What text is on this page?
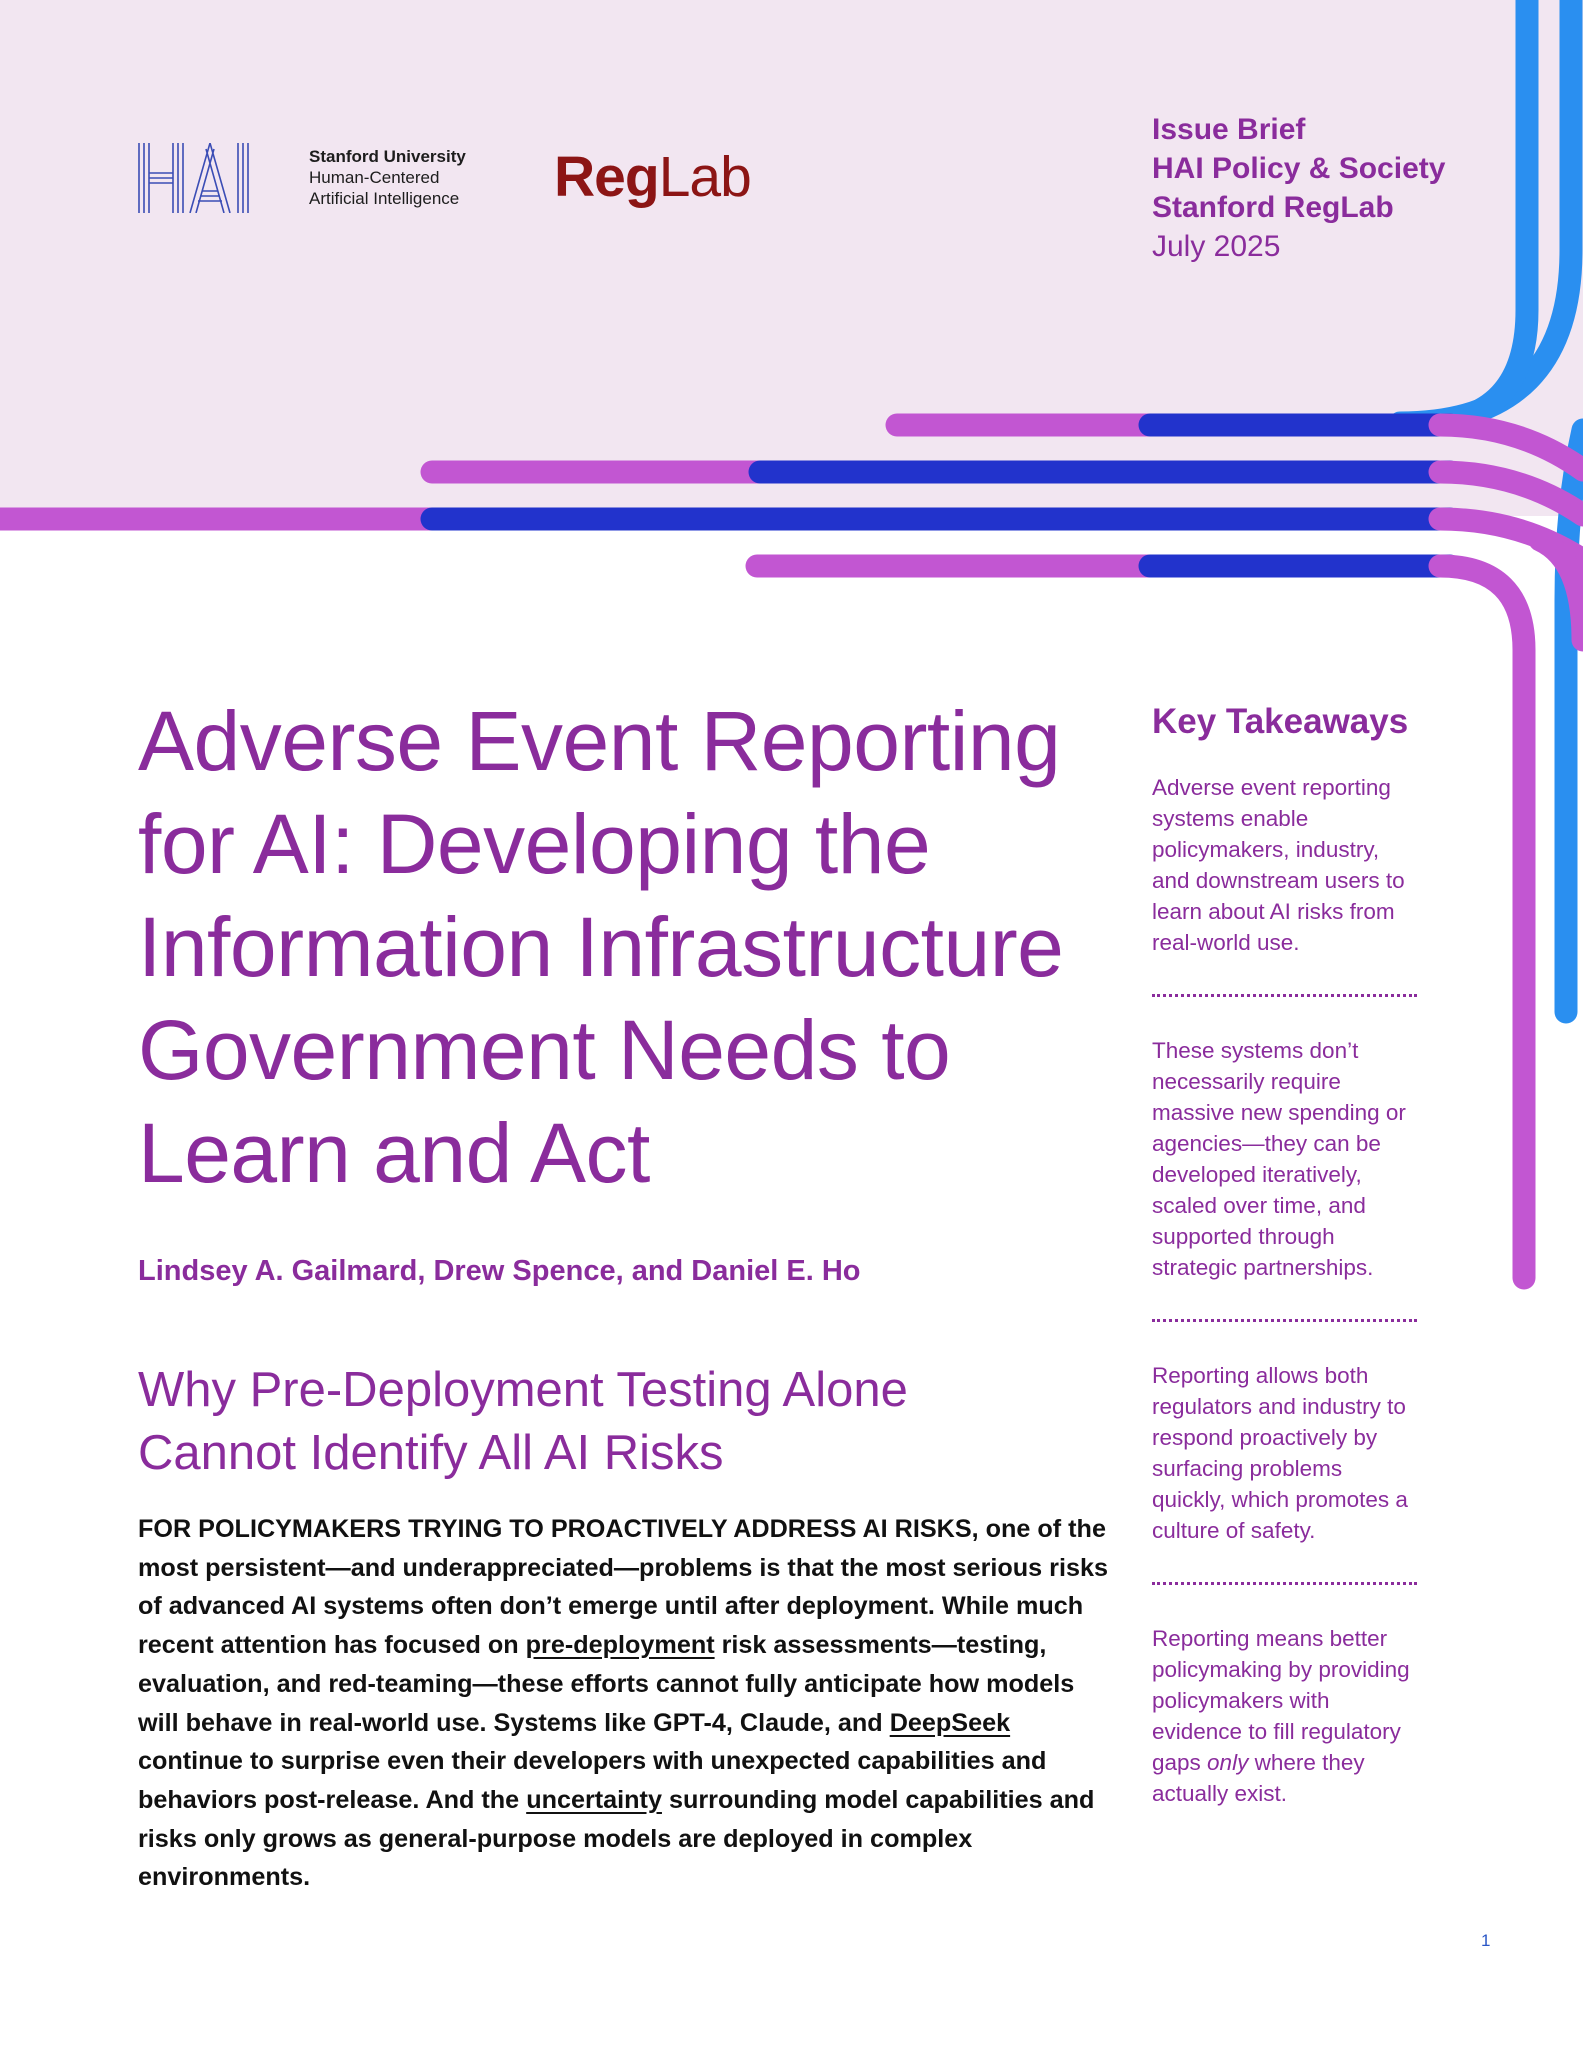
Stanford University
Human-Centered
Artificial Intelligence RegLab
Issue Brief
HAI Policy & Society
Stanford RegLab
July 2025
Adverse Event Reporting for AI: Developing the Information Infrastructure Government Needs to Learn and Act

Lindsey A. Gailmard, Drew Spence, and Daniel E. Ho

Why Pre-Deployment Testing Alone Cannot Identify All AI Risks

FOR POLICYMAKERS TRYING TO PROACTIVELY ADDRESS AI RISKS, one of the most persistent—and underappreciated—problems is that the most serious risks of advanced AI systems often don’t emerge until after deployment. While much recent attention has focused on pre-deployment risk assessments—testing, evaluation, and red-teaming—these efforts cannot fully anticipate how models will behave in real-world use. Systems like GPT-4, Claude, and DeepSeek continue to surprise even their developers with unexpected capabilities and behaviors post-release. And the uncertainty surrounding model capabilities and risks only grows as general-purpose models are deployed in complex environments.

Key Takeaways
Adverse event reporting systems enable policymakers, industry, and downstream users to learn about AI risks from real-world use.
These systems don’t necessarily require massive new spending or agencies—they can be developed iteratively, scaled over time, and supported through strategic partnerships.
Reporting allows both regulators and industry to respond proactively by surfacing problems quickly, which promotes a culture of safety.
Reporting means better policymaking by providing policymakers with evidence to fill regulatory gaps only where they actually exist.
1
